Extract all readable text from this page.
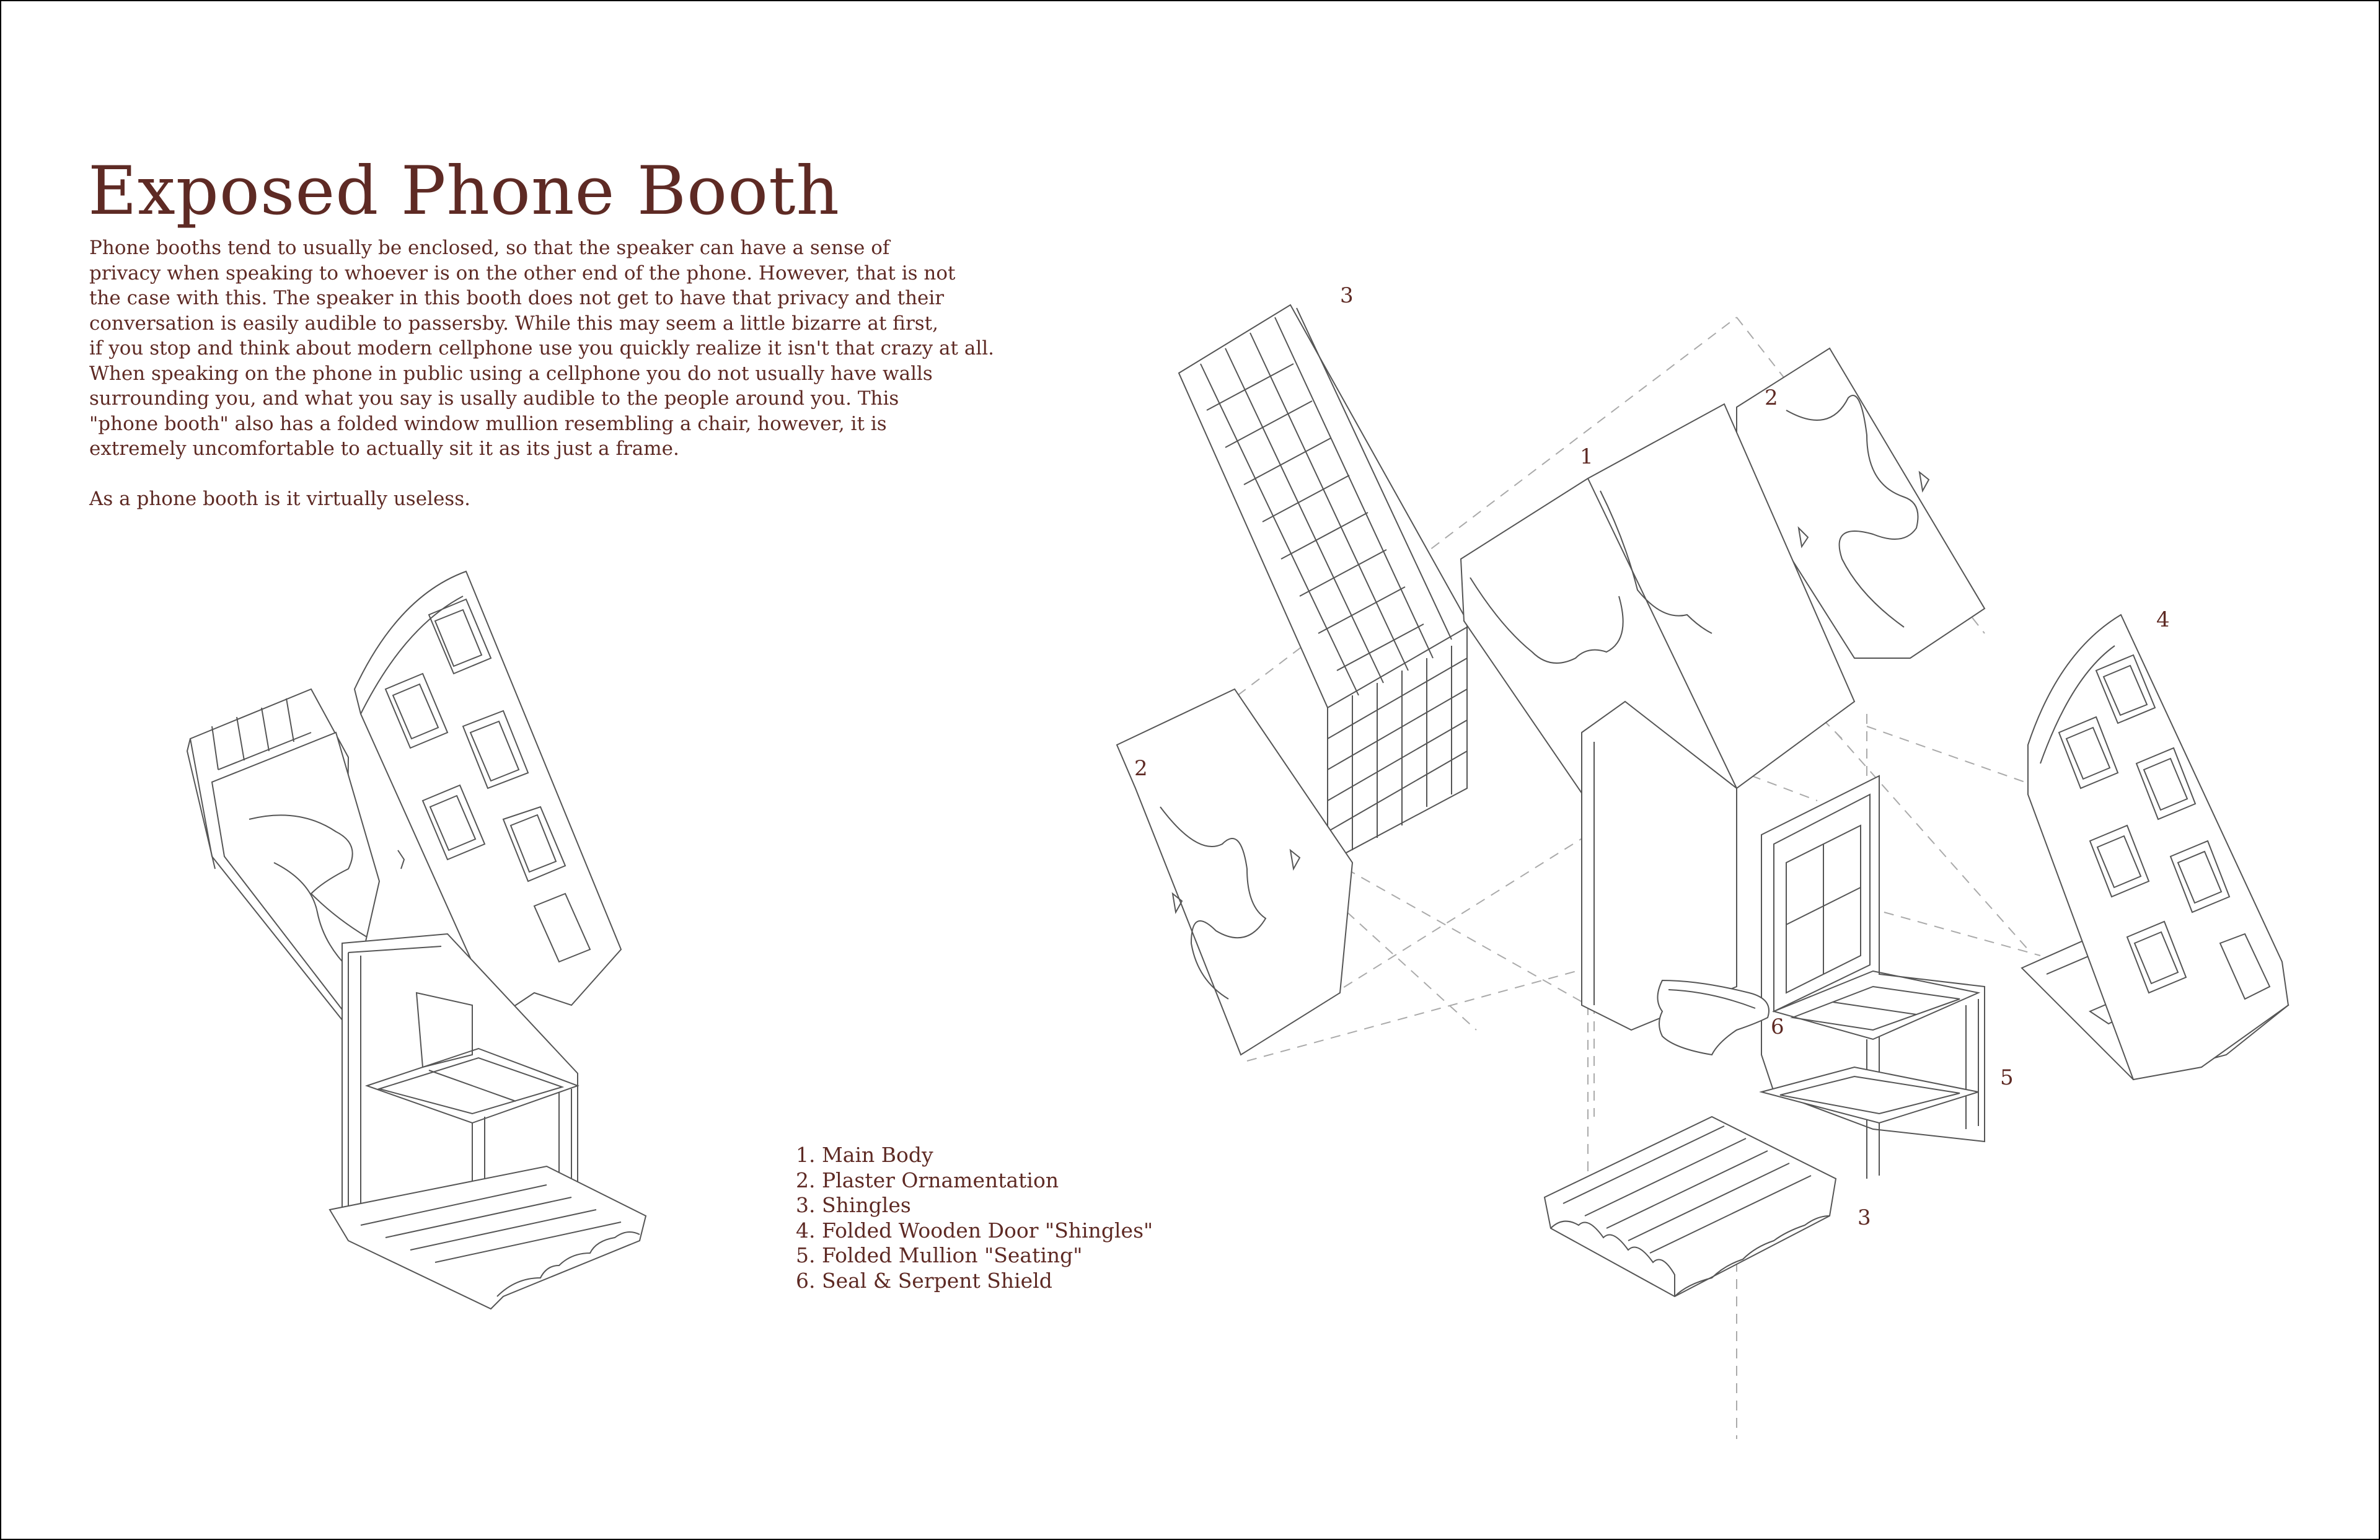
Exposed Phone Booth
Phone booths tend to usually be enclosed, so that the speaker can have a sense of
privacy when speaking to whoever is on the other end of the phone. However, that is not
the case with this. The speaker in this booth does not get to have that privacy and their
conversation is easily audible to passersby. While this may seem a little bizarre at first,
if you stop and think about modern cellphone use you quickly realize it isn't that crazy at all.
When speaking on the phone in public using a cellphone you do not usually have walls
surrounding you, and what you say is usally audible to the people around you. This
"phone booth" also has a folded window mullion resembling a chair, however, it is
extremely uncomfortable to actually sit it as its just a frame.
As a phone booth is it virtually useless.
1. Main Body
2. Plaster Ornamentation
3. Shingles
4. Folded Wooden Door "Shingles"
5. Folded Mullion "Seating"
6. Seal & Serpent Shield
3
2
1
4
2
6
5
3
